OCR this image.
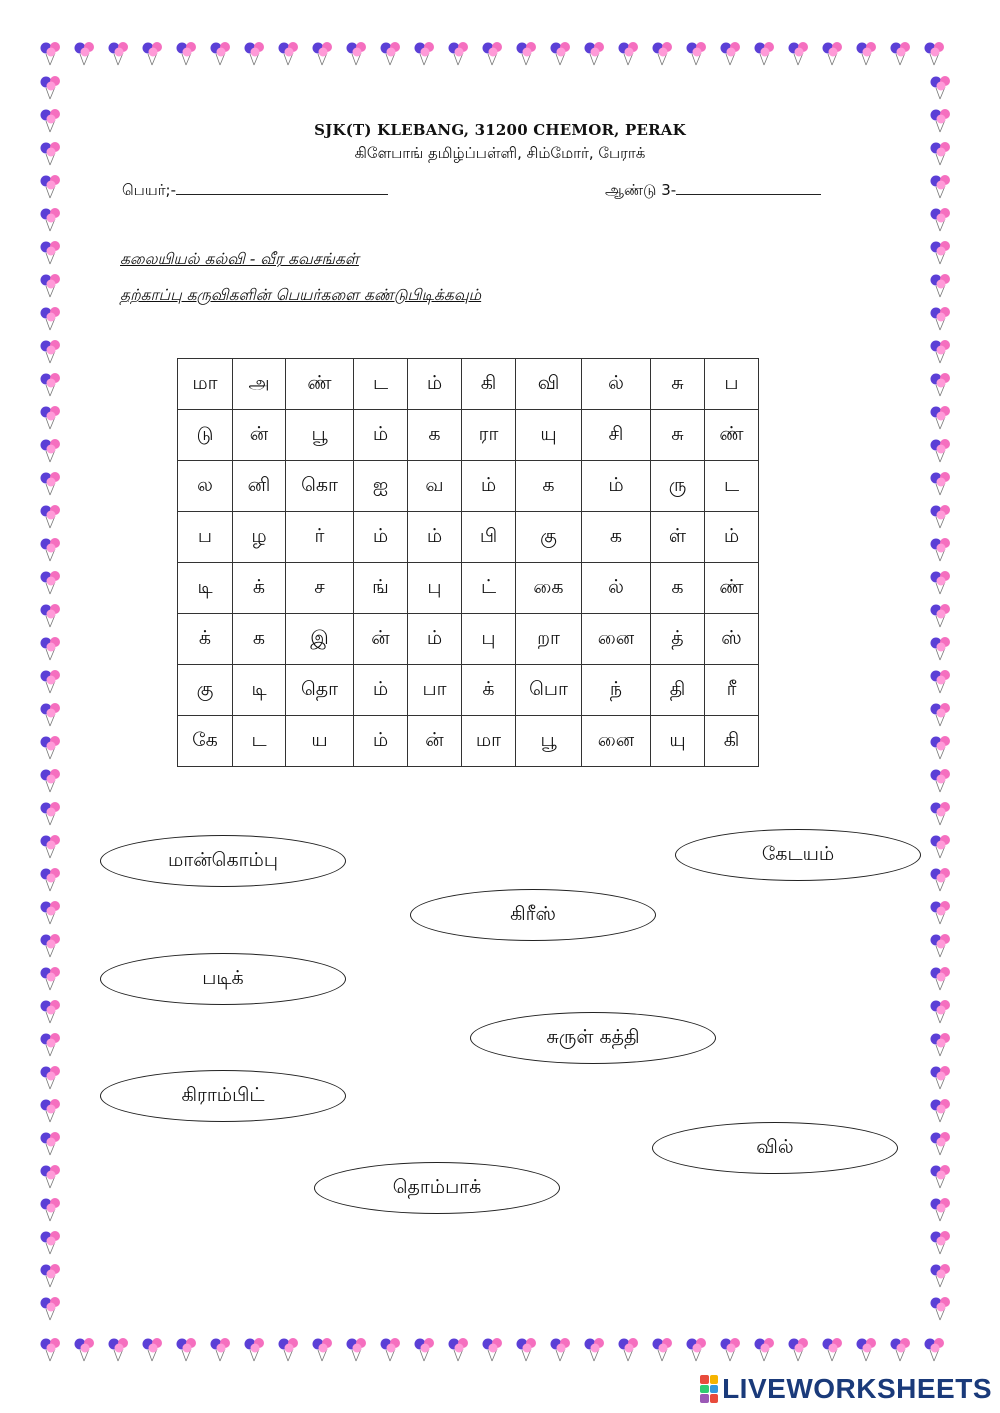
SJK(T) KLEBANG, 31200 CHEMOR, PERAK
கிளேபாங் தமிழ்ப்பள்ளி, சிம்மோர், பேராக்
பெயர்;-	ஆண்டு 3-
கலையியல் கல்வி - வீர கவசங்கள்
தற்காப்பு கருவிகளின் பெயர்களை கண்டுபிடிக்கவும்
மா	அ	ண்	ட	ம்	கி	வி	ல்	சு	ப
டு	ன்	பூ	ம்	க	ரா	யு	சி	சு	ண்
ல	னி	கொ	ஐ	வ	ம்	க	ம்	ரு	ட
ப	ழ	ர்	ம்	ம்	பி	கு	க	ள்	ம்
டி	க்	ச	ங்	பு	ட்	கை	ல்	க	ண்
க்	க	இ	ன்	ம்	பு	றா	னை	த்	ஸ்
கு	டி	தொ	ம்	பா	க்	பொ	ந்	தி	ரீ
கே	ட	ய	ம்	ன்	மா	பூ	னை	யு	கி
மான்கொம்பு	கேடயம்
கிரீஸ்
படிக்
சுருள் கத்தி
கிராம்பிட்
வில்
தொம்பாக்
LIVEWORKSHEETS
